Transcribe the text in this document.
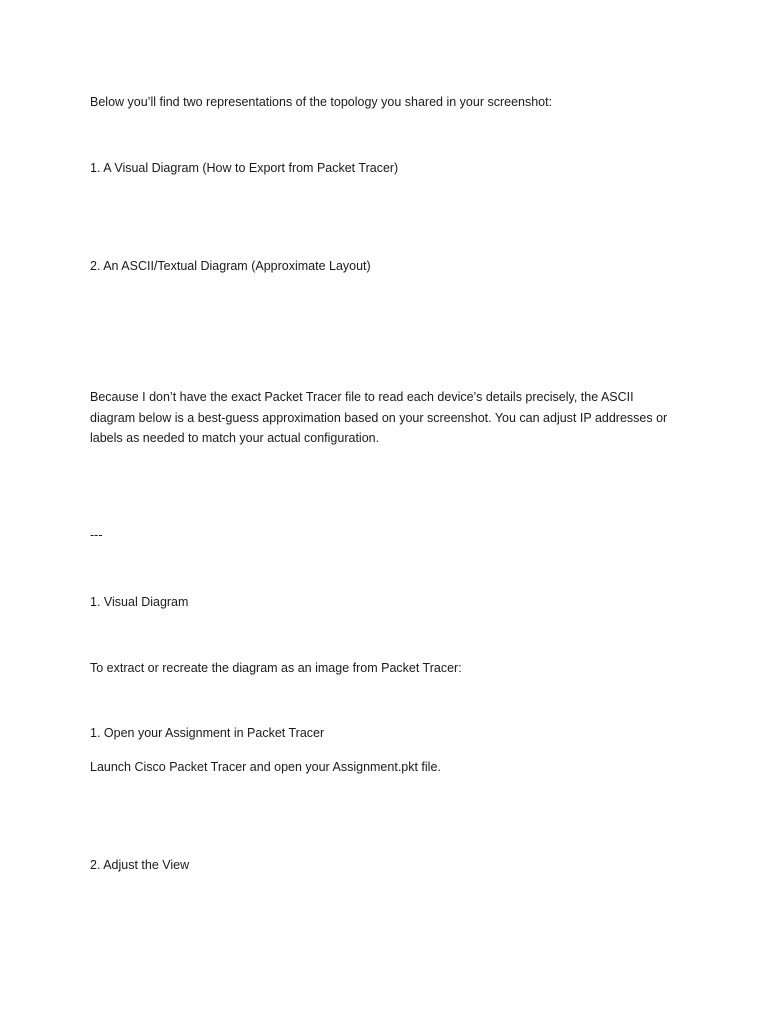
Below you’ll find two representations of the topology you shared in your screenshot:
1. A Visual Diagram (How to Export from Packet Tracer)
2. An ASCII/Textual Diagram (Approximate Layout)
Because I don’t have the exact Packet Tracer file to read each device’s details precisely, the ASCII
diagram below is a best-guess approximation based on your screenshot. You can adjust IP addresses or
labels as needed to match your actual configuration.
---
1. Visual Diagram
To extract or recreate the diagram as an image from Packet Tracer:
1. Open your Assignment in Packet Tracer
Launch Cisco Packet Tracer and open your Assignment.pkt file.
2. Adjust the View
